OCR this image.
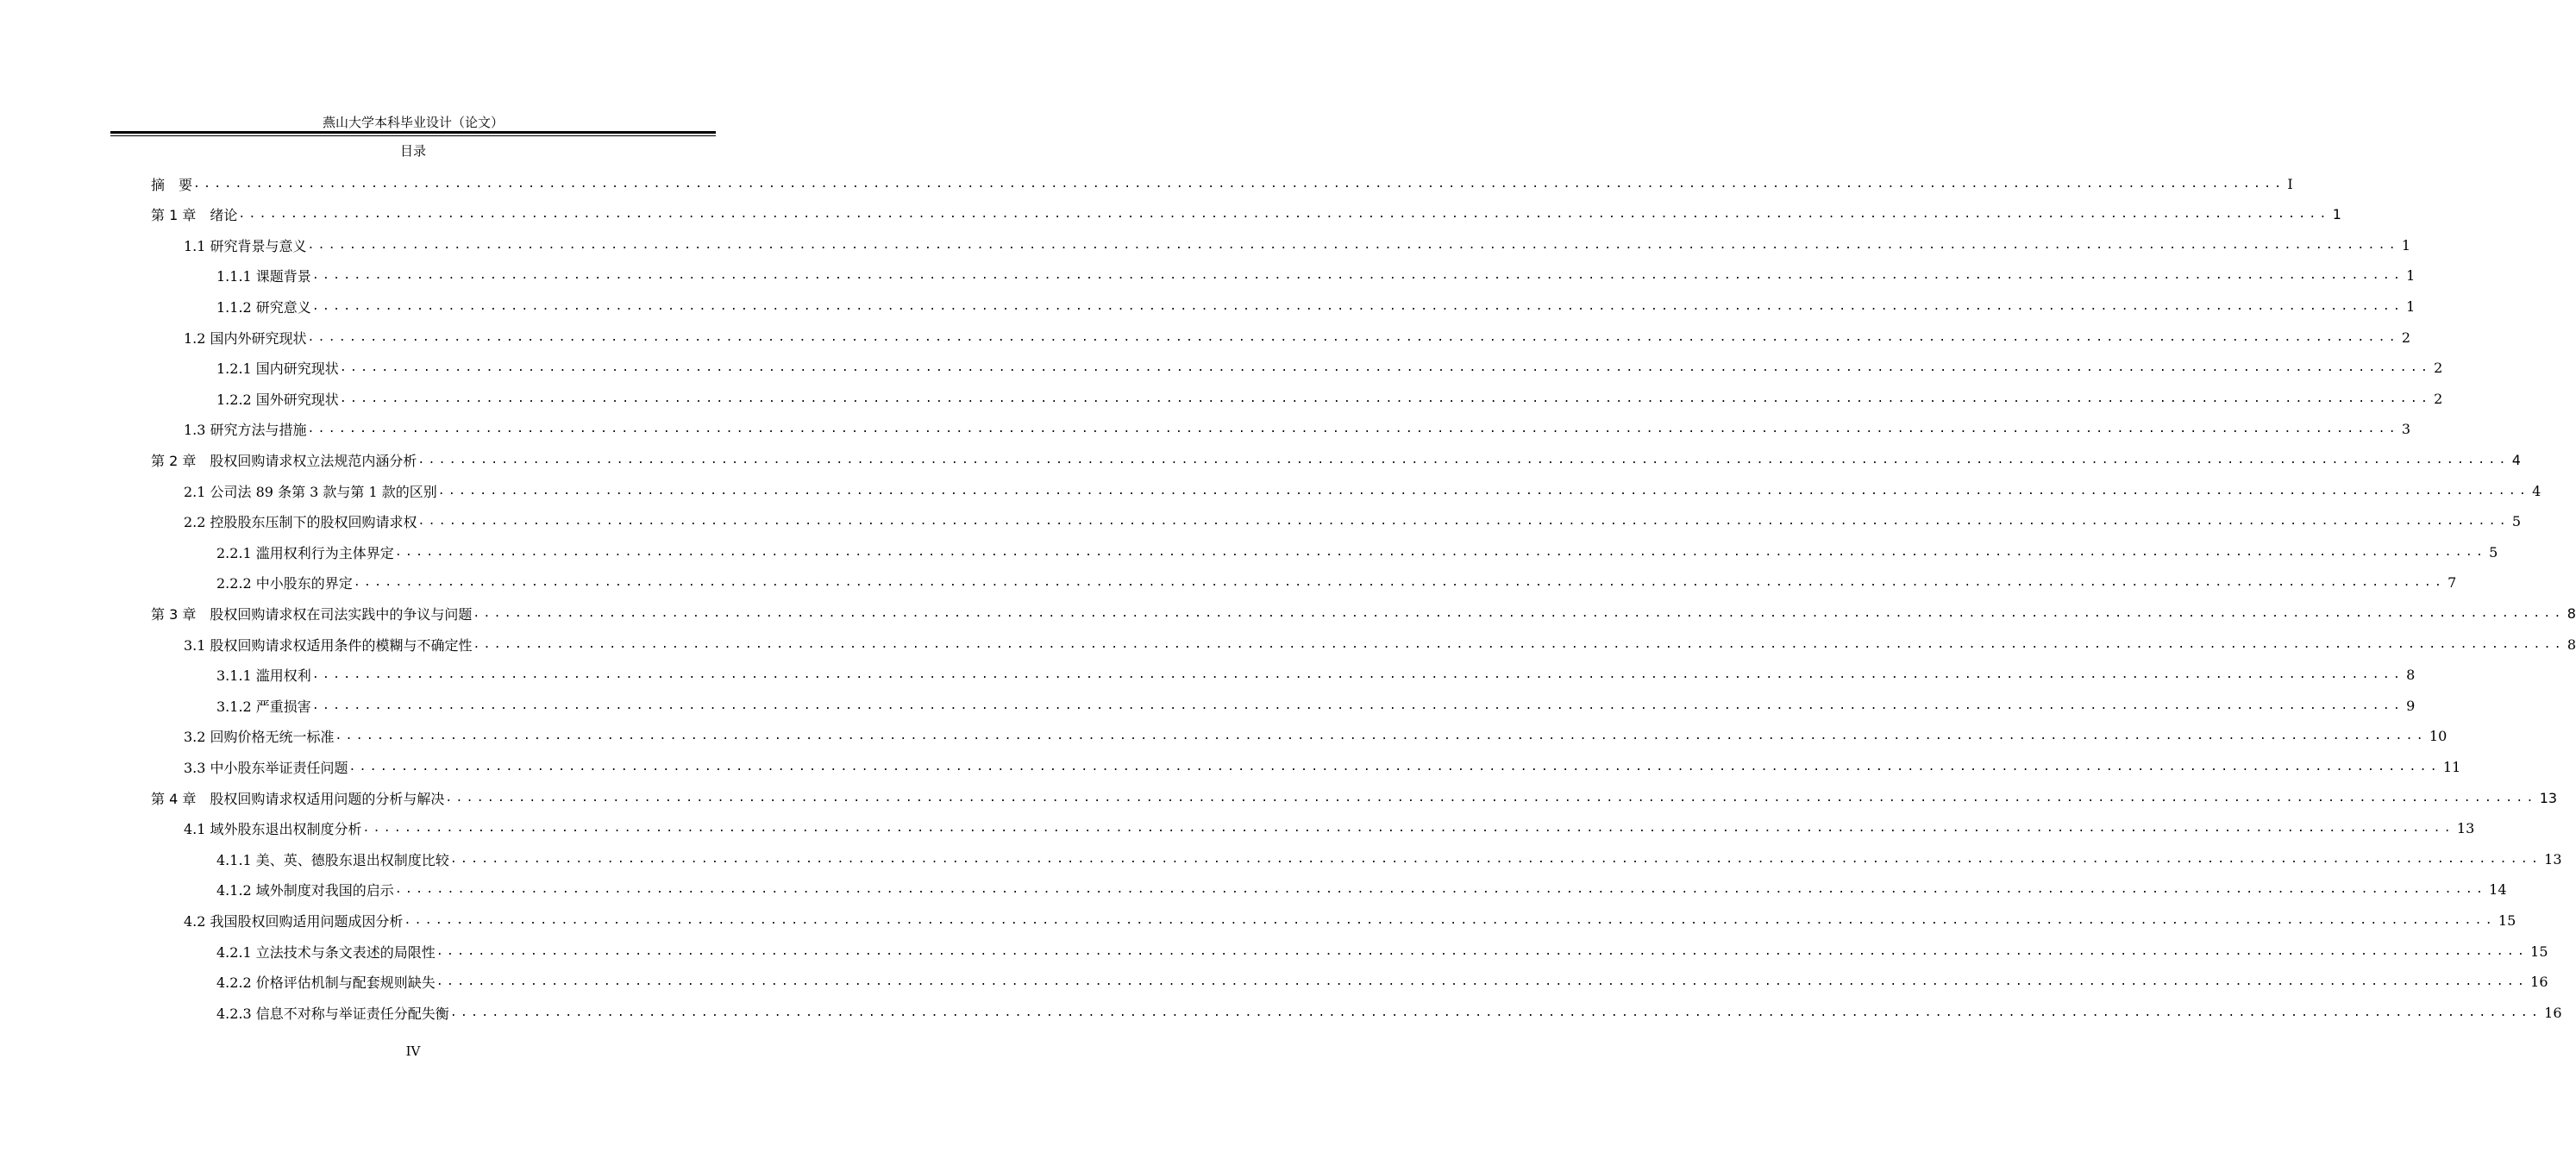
燕山大学本科毕业设计（论文）
目录
摘　要 ........................................................................................................................................................................................................ I
第 1 章　绪论 ........................................................................................................................................................................................................ 1
1.1 研究背景与意义 ........................................................................................................................................................................................................ 1
1.1.1 课题背景 ........................................................................................................................................................................................................ 1
1.1.2 研究意义 ........................................................................................................................................................................................................ 1
1.2 国内外研究现状 ........................................................................................................................................................................................................ 2
1.2.1 国内研究现状 ........................................................................................................................................................................................................ 2
1.2.2 国外研究现状 ........................................................................................................................................................................................................ 2
1.3 研究方法与措施 ........................................................................................................................................................................................................ 3
第 2 章　股权回购请求权立法规范内涵分析 ........................................................................................................................................................................................................ 4
2.1 公司法 89 条第 3 款与第 1 款的区别 ........................................................................................................................................................................................................ 4
2.2 控股股东压制下的股权回购请求权 ........................................................................................................................................................................................................ 5
2.2.1 滥用权利行为主体界定 ........................................................................................................................................................................................................ 5
2.2.2 中小股东的界定 ........................................................................................................................................................................................................ 7
第 3 章　股权回购请求权在司法实践中的争议与问题 ........................................................................................................................................................................................................ 8
3.1 股权回购请求权适用条件的模糊与不确定性 ........................................................................................................................................................................................................ 8
3.1.1 滥用权利 ........................................................................................................................................................................................................ 8
3.1.2 严重损害 ........................................................................................................................................................................................................ 9
3.2 回购价格无统一标准 ........................................................................................................................................................................................................ 10
3.3 中小股东举证责任问题 ........................................................................................................................................................................................................ 11
第 4 章　股权回购请求权适用问题的分析与解决 ........................................................................................................................................................................................................ 13
4.1 域外股东退出权制度分析 ........................................................................................................................................................................................................ 13
4.1.1 美、英、德股东退出权制度比较 ........................................................................................................................................................................................................ 13
4.1.2 域外制度对我国的启示 ........................................................................................................................................................................................................ 14
4.2 我国股权回购适用问题成因分析 ........................................................................................................................................................................................................ 15
4.2.1 立法技术与条文表述的局限性 ........................................................................................................................................................................................................ 15
4.2.2 价格评估机制与配套规则缺失 ........................................................................................................................................................................................................ 16
4.2.3 信息不对称与举证责任分配失衡 ........................................................................................................................................................................................................ 16
IV
